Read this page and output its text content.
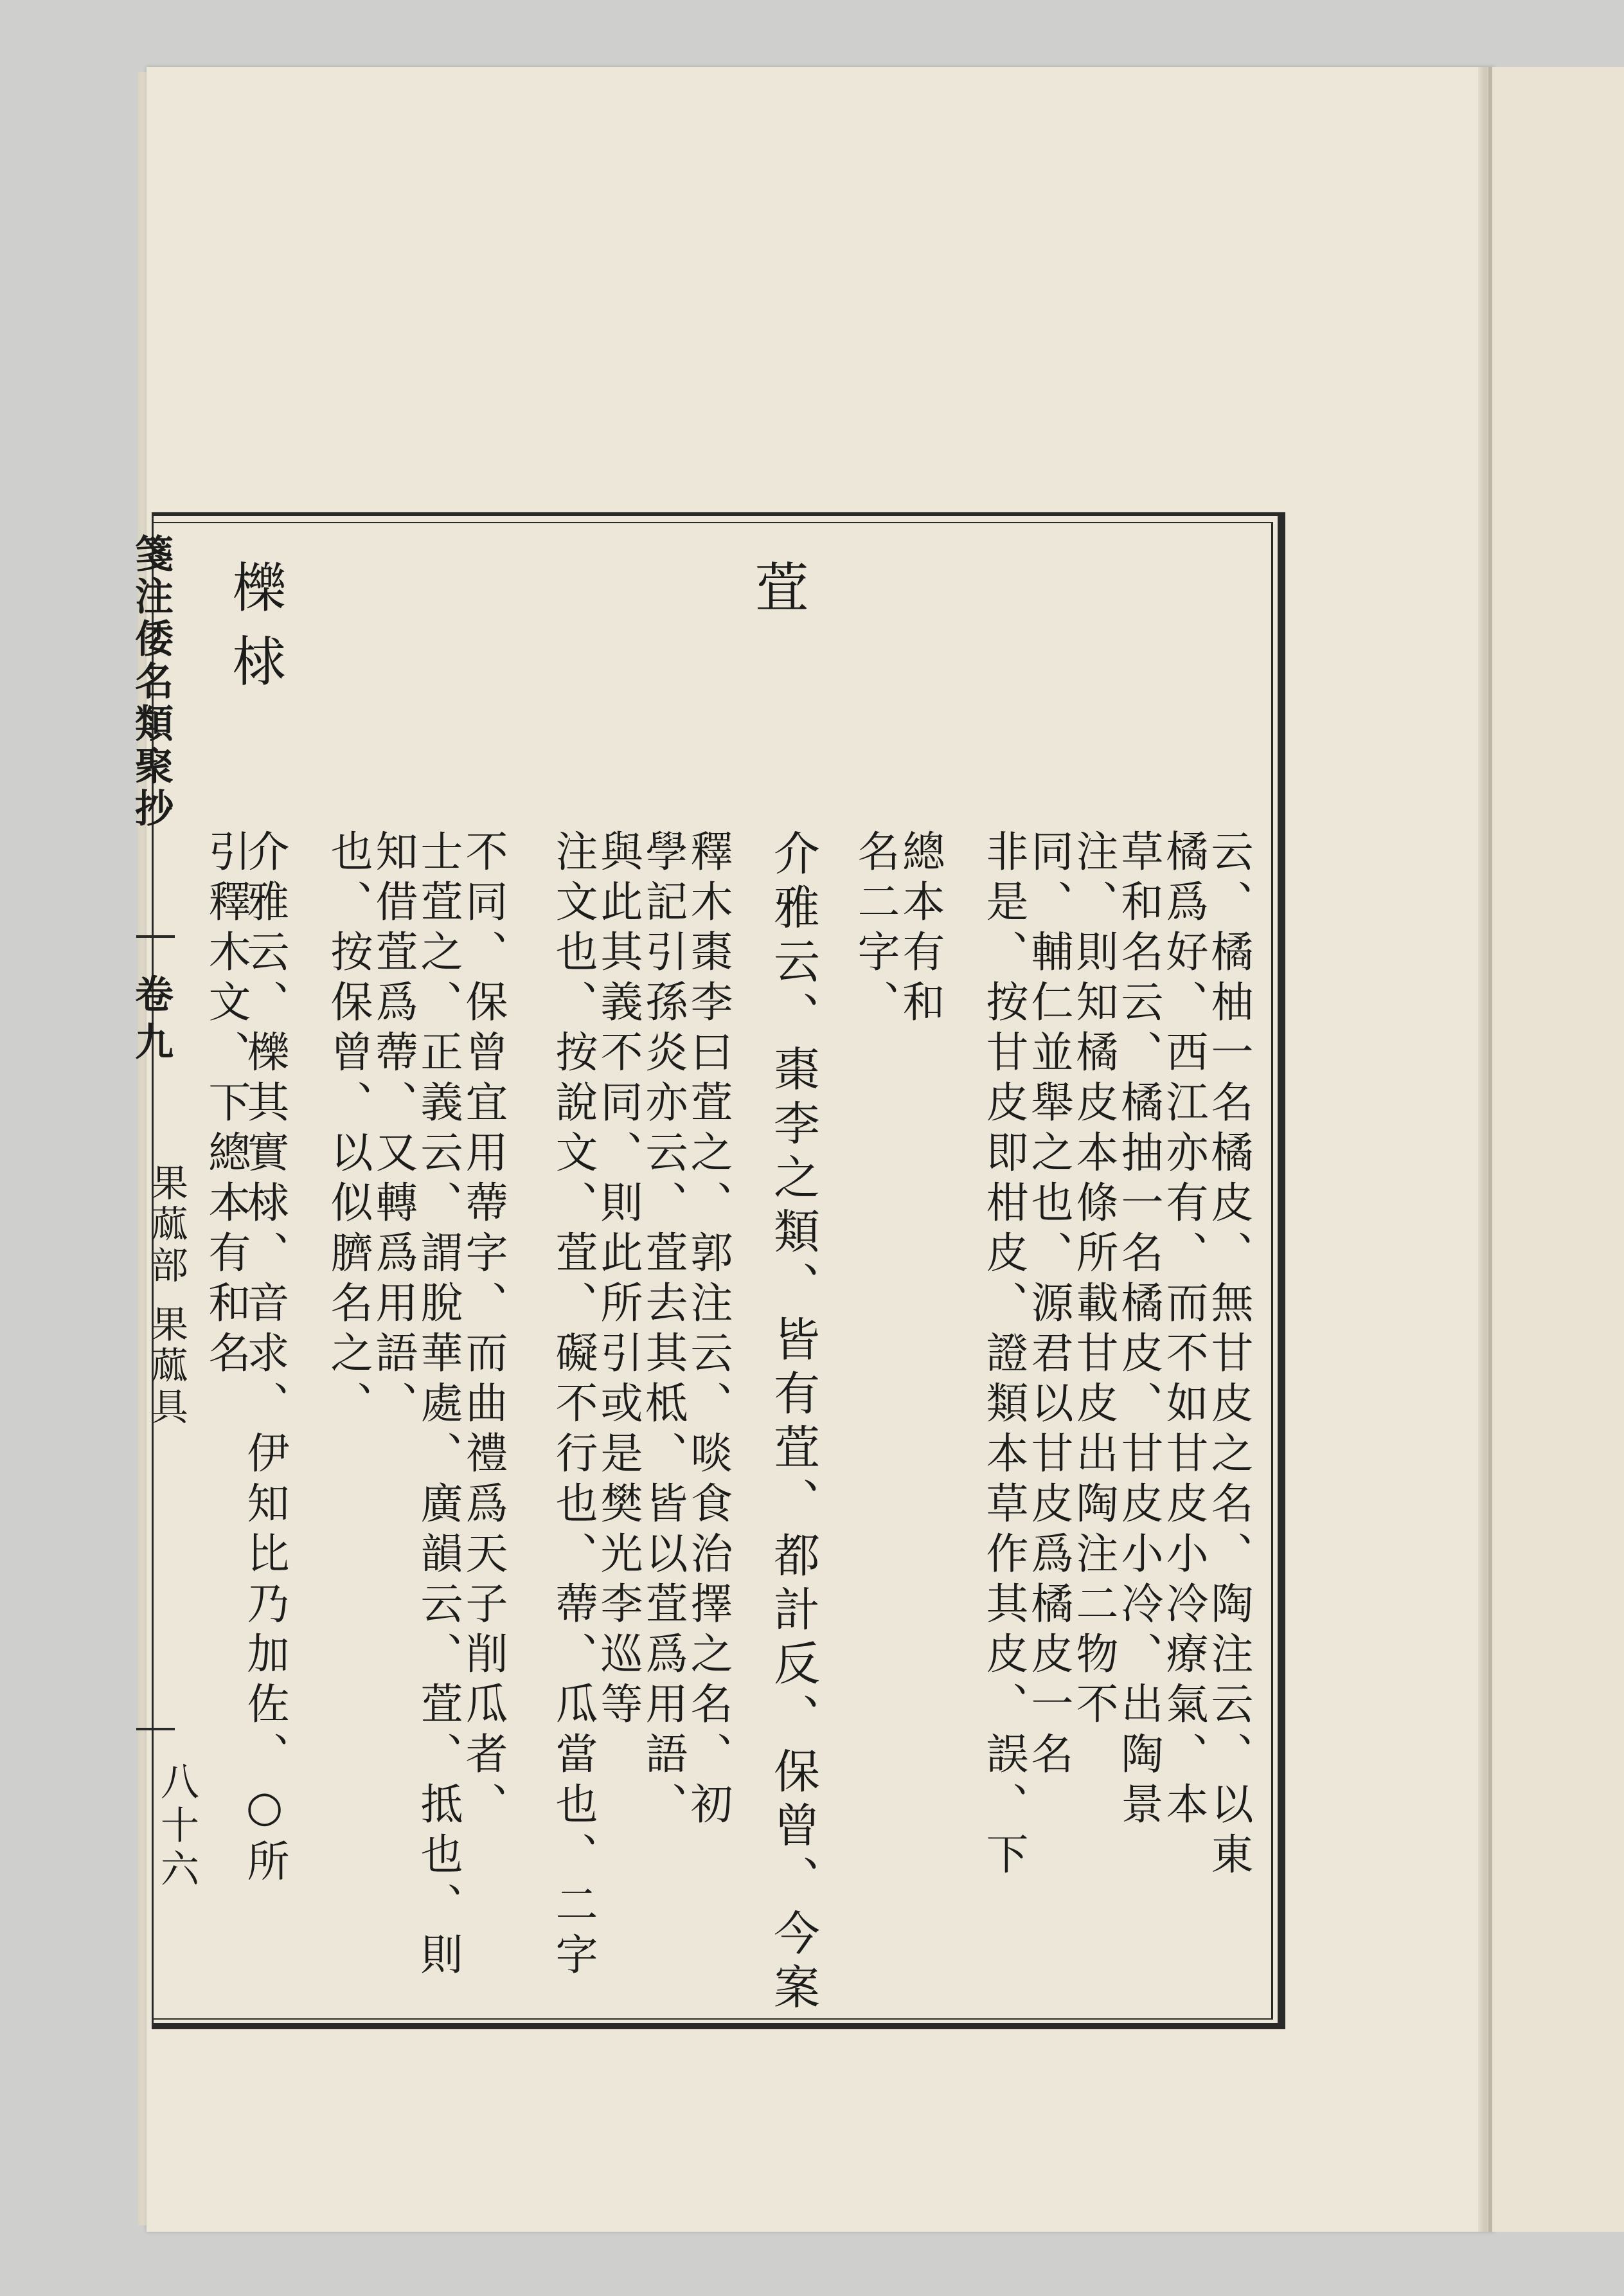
箋注倭名類聚抄
卷九
果蓏部
果蓏具
八十六
萓
櫟
梂
云、橘柚一名橘皮、無甘皮之名、陶注云、以東
橘爲好、西江亦有、而不如甘皮小冷療氣、本
草和名云、橘抽一名橘皮、甘皮小冷、出陶景
注、則知橘皮本條所載甘皮出陶注二物不
同、輔仁並舉之也、源君以甘皮爲橘皮一名
非是、按甘皮即柑皮、證類本草作其皮、誤、下
總本有和
名二字、
介雅云、棗李之類、皆有萓、都計反、保曾、今案
釋木棗李曰萓之、郭注云、啖食治擇之名、初
學記引孫炎亦云、萓去其柢、皆以萓爲用語、
與此其義不同、則此所引或是樊光李巡等
注文也、按說文、萓、礙不行也、蔕、瓜當也、二字
不同、保曾宜用蔕字、而曲禮爲天子削瓜者、
士萓之、正義云、謂脫華處、廣韻云、萓、抵也、則
知借萓爲蔕、又轉爲用語、
也、按保曾、以似臍名之、
介雅云、櫟其實梂、音求、伊知比乃加佐、○所
引釋木文、下總本有和名
